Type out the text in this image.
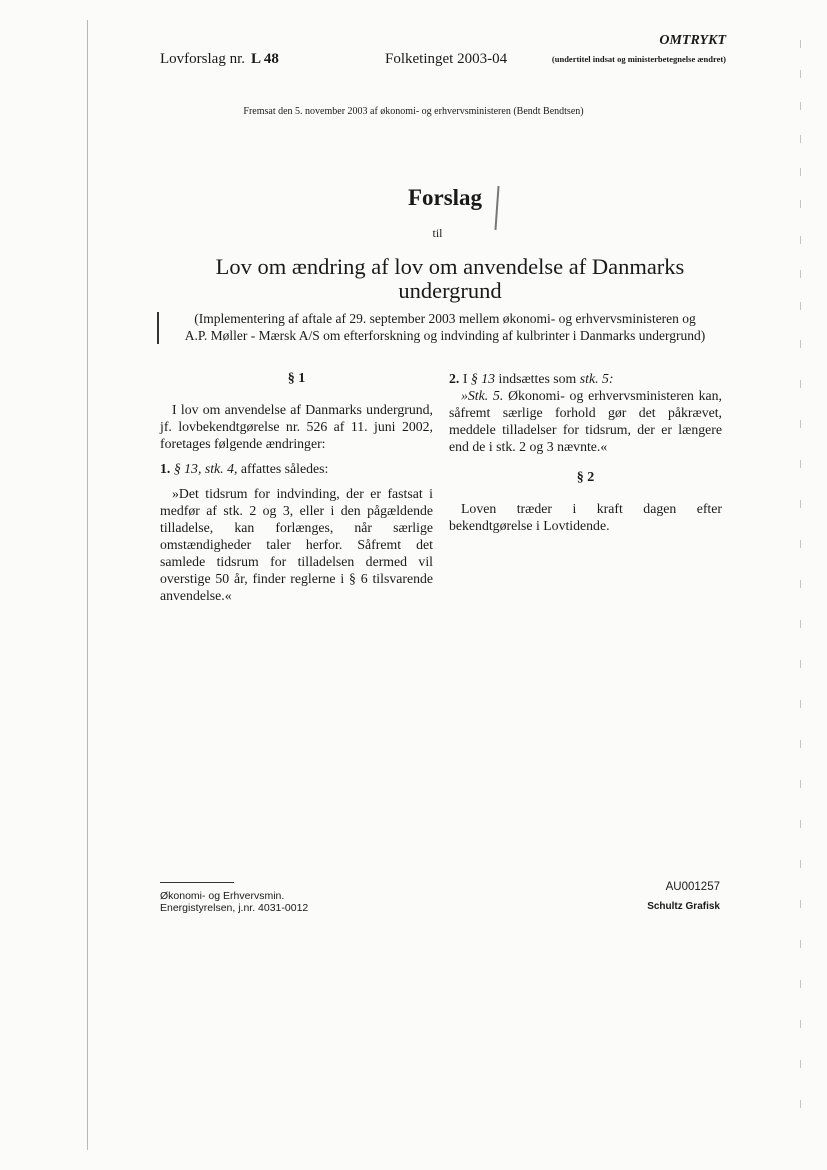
Lovforslag nr. L 48	Folketinget 2003-04
OMTRYKT
(undertitel indsat og ministerbetegnelse ændret)
Fremsat den 5. november 2003 af økonomi- og erhvervsministeren (Bendt Bendtsen)
Forslag
til
Lov om ændring af lov om anvendelse af Danmarks
undergrund
(Implementering af aftale af 29. september 2003 mellem økonomi- og erhvervsministeren og
A.P. Møller - Mærsk A/S om efterforskning og indvinding af kulbrinter i Danmarks undergrund)
§ 1

I lov om anvendelse af Danmarks undergrund, jf. lovbekendtgørelse nr. 526 af 11. juni 2002, foretages følgende ændringer:

1. § 13, stk. 4, affattes således:

»Det tidsrum for indvinding, der er fastsat i medfør af stk. 2 og 3, eller i den pågældende tilladelse, kan forlænges, når særlige omstændigheder taler herfor. Såfremt det samlede tidsrum for tilladelsen dermed vil overstige 50 år, finder reglerne i § 6 tilsvarende anvendelse.«

2. I § 13 indsættes som stk. 5:

»Stk. 5. Økonomi- og erhvervsministeren kan, såfremt særlige forhold gør det påkrævet, meddele tilladelser for tidsrum, der er længere end de i stk. 2 og 3 nævnte.«

§ 2

Loven træder i kraft dagen efter bekendtgørelse i Lovtidende.

Økonomi- og Erhvervsmin.
Energistyrelsen, j.nr. 4031-0012
AU001257
Schultz Grafisk
